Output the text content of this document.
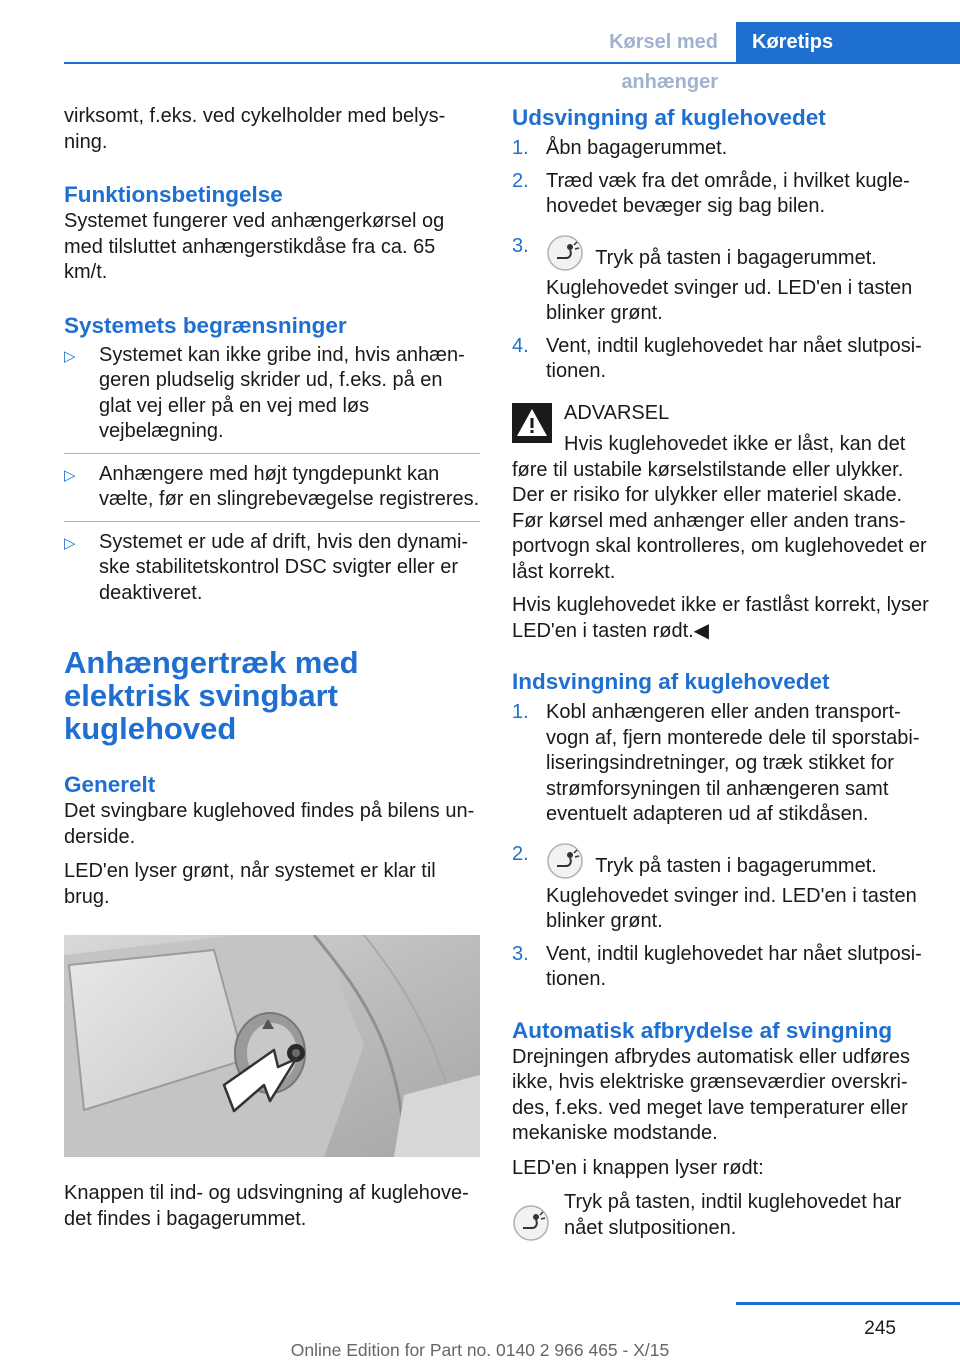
Kørsel med anhænger
Køretips

virksomt, f.eks. ved cykelholder med belys-ning.

Funktionsbetingelse

Systemet fungerer ved anhængerkørsel og med tilsluttet anhængerstikdåse fra ca. 65 km/t.

Systemets begrænsninger
▷ Systemet kan ikke gribe ind, hvis anhæn-geren pludselig skrider ud, f.eks. på en glat vej eller på en vej med løs vejbelægning.
▷ Anhængere med højt tyngdepunkt kan vælte, før en slingrebevægelse registreres.
▷ Systemet er ude af drift, hvis den dynami-ske stabilitetskontrol DSC svigter eller er deaktiveret.
Anhængertræk med elektrisk svingbart kuglehoved
Generelt

Det svingbare kuglehoved findes på bilens un-derside.

LED'en lyser grønt, når systemet er klar til brug.

Knappen til ind- og udsvingning af kuglehove-det findes i bagagerummet.

Udsvingning af kuglehovedet
1. Åbn bagagerummet.
2. Træd væk fra det område, i hvilket kugle-hovedet bevæger sig bag bilen.
3.
Tryk på tasten i bagagerummet.
Kuglehovedet svinger ud. LED'en i tasten blinker grønt.
4. Vent, indtil kuglehovedet har nået slutposi-tionen.

ADVARSEL

Hvis kuglehovedet ikke er låst, kan det føre til ustabile kørselstilstande eller ulykker. Der er risiko for ulykker eller materiel skade. Før kørsel med anhænger eller anden trans-portvogn skal kontrolleres, om kuglehovedet er låst korrekt.

Hvis kuglehovedet ikke er fastlåst korrekt, lyser LED'en i tasten rødt.◀

Indsvingning af kuglehovedet
1. Kobl anhængeren eller anden transport-vogn af, fjern monterede dele til sporstabi-liseringsindretninger, og træk stikket for strømforsyningen til anhængeren samt eventuelt adapteren ud af stikdåsen.
2.
Tryk på tasten i bagagerummet.
Kuglehovedet svinger ind. LED'en i tasten blinker grønt.
3. Vent, indtil kuglehovedet har nået slutposi-tionen.
Automatisk afbrydelse af svingning

Drejningen afbrydes automatisk eller udføres ikke, hvis elektriske grænseværdier overskri-des, f.eks. ved meget lave temperaturer eller mekaniske modstande.

LED'en i knappen lyser rødt:

Tryk på tasten, indtil kuglehovedet har nået slutpositionen.

245
Online Edition for Part no. 0140 2 966 465 - X/15
